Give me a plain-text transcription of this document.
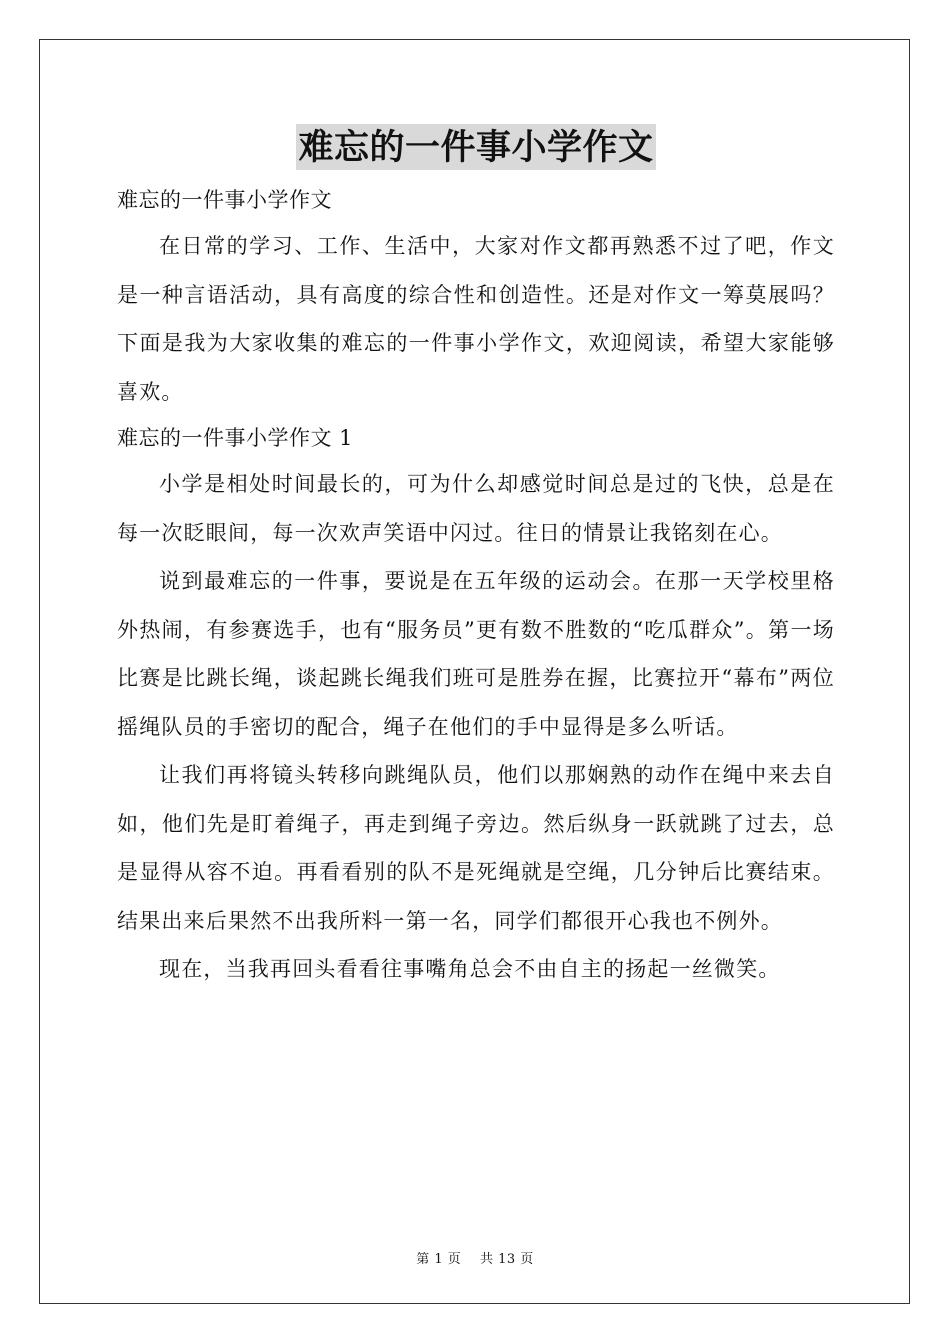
难忘的一件事小学作文
难忘的一件事小学作文

在日常的学习、工作、生活中，大家对作文都再熟悉不过了吧，作文是一种言语活动，具有高度的综合性和创造性。还是对作文一筹莫展吗？下面是我为大家收集的难忘的一件事小学作文，欢迎阅读，希望大家能够喜欢。

难忘的一件事小学作文 1

小学是相处时间最长的，可为什么却感觉时间总是过的飞快，总是在每一次眨眼间，每一次欢声笑语中闪过。往日的情景让我铭刻在心。

说到最难忘的一件事，要说是在五年级的运动会。在那一天学校里格外热闹，有参赛选手，也有“服务员”更有数不胜数的“吃瓜群众”。第一场比赛是比跳长绳，谈起跳长绳我们班可是胜券在握，比赛拉开“幕布”两位摇绳队员的手密切的配合，绳子在他们的手中显得是多么听话。

让我们再将镜头转移向跳绳队员，他们以那娴熟的动作在绳中来去自如，他们先是盯着绳子，再走到绳子旁边。然后纵身一跃就跳了过去，总是显得从容不迫。再看看别的队不是死绳就是空绳，几分钟后比赛结束。结果出来后果然不出我所料一第一名，同学们都很开心我也不例外。

现在，当我再回头看看往事嘴角总会不由自主的扬起一丝微笑。

第 1 页 共 13 页
